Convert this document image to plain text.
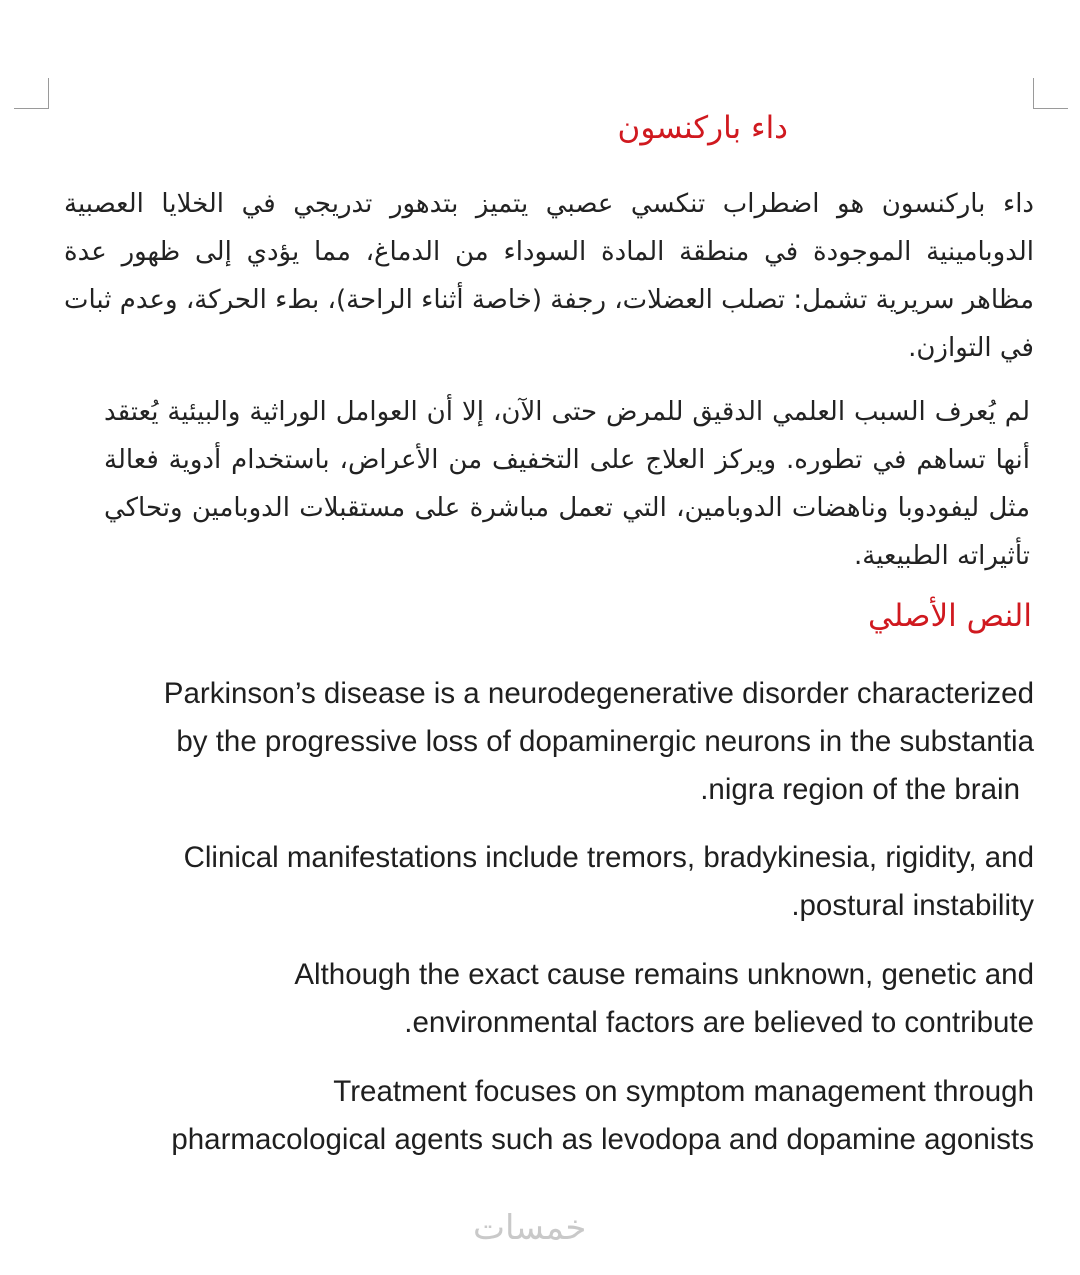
داء باركنسون

داء باركنسون هو اضطراب تنكسي عصبي يتميز بتدهور تدريجي في الخلايا العصبية الدوبامينية الموجودة في منطقة المادة السوداء من الدماغ، مما يؤدي إلى ظهور عدة مظاهر سريرية تشمل: تصلب العضلات، رجفة (خاصة أثناء الراحة)، بطء الحركة، وعدم ثبات في التوازن.

لم يُعرف السبب العلمي الدقيق للمرض حتى الآن، إلا أن العوامل الوراثية والبيئية يُعتقد أنها تساهم في تطوره. ويركز العلاج على التخفيف من الأعراض، باستخدام أدوية فعالة مثل ليفودوبا وناهضات الدوبامين، التي تعمل مباشرة على مستقبلات الدوبامين وتحاكي تأثيراته الطبيعية.

النص الأصلي

Parkinson’s disease is a neurodegenerative disorder characterized
by the progressive loss of dopaminergic neurons in the substantia
nigra region of the brain.

Clinical manifestations include tremors, bradykinesia, rigidity, and
postural instability.

Although the exact cause remains unknown, genetic and
environmental factors are believed to contribute.

Treatment focuses on symptom management through
pharmacological agents such as levodopa and dopamine agonists

خمسات
